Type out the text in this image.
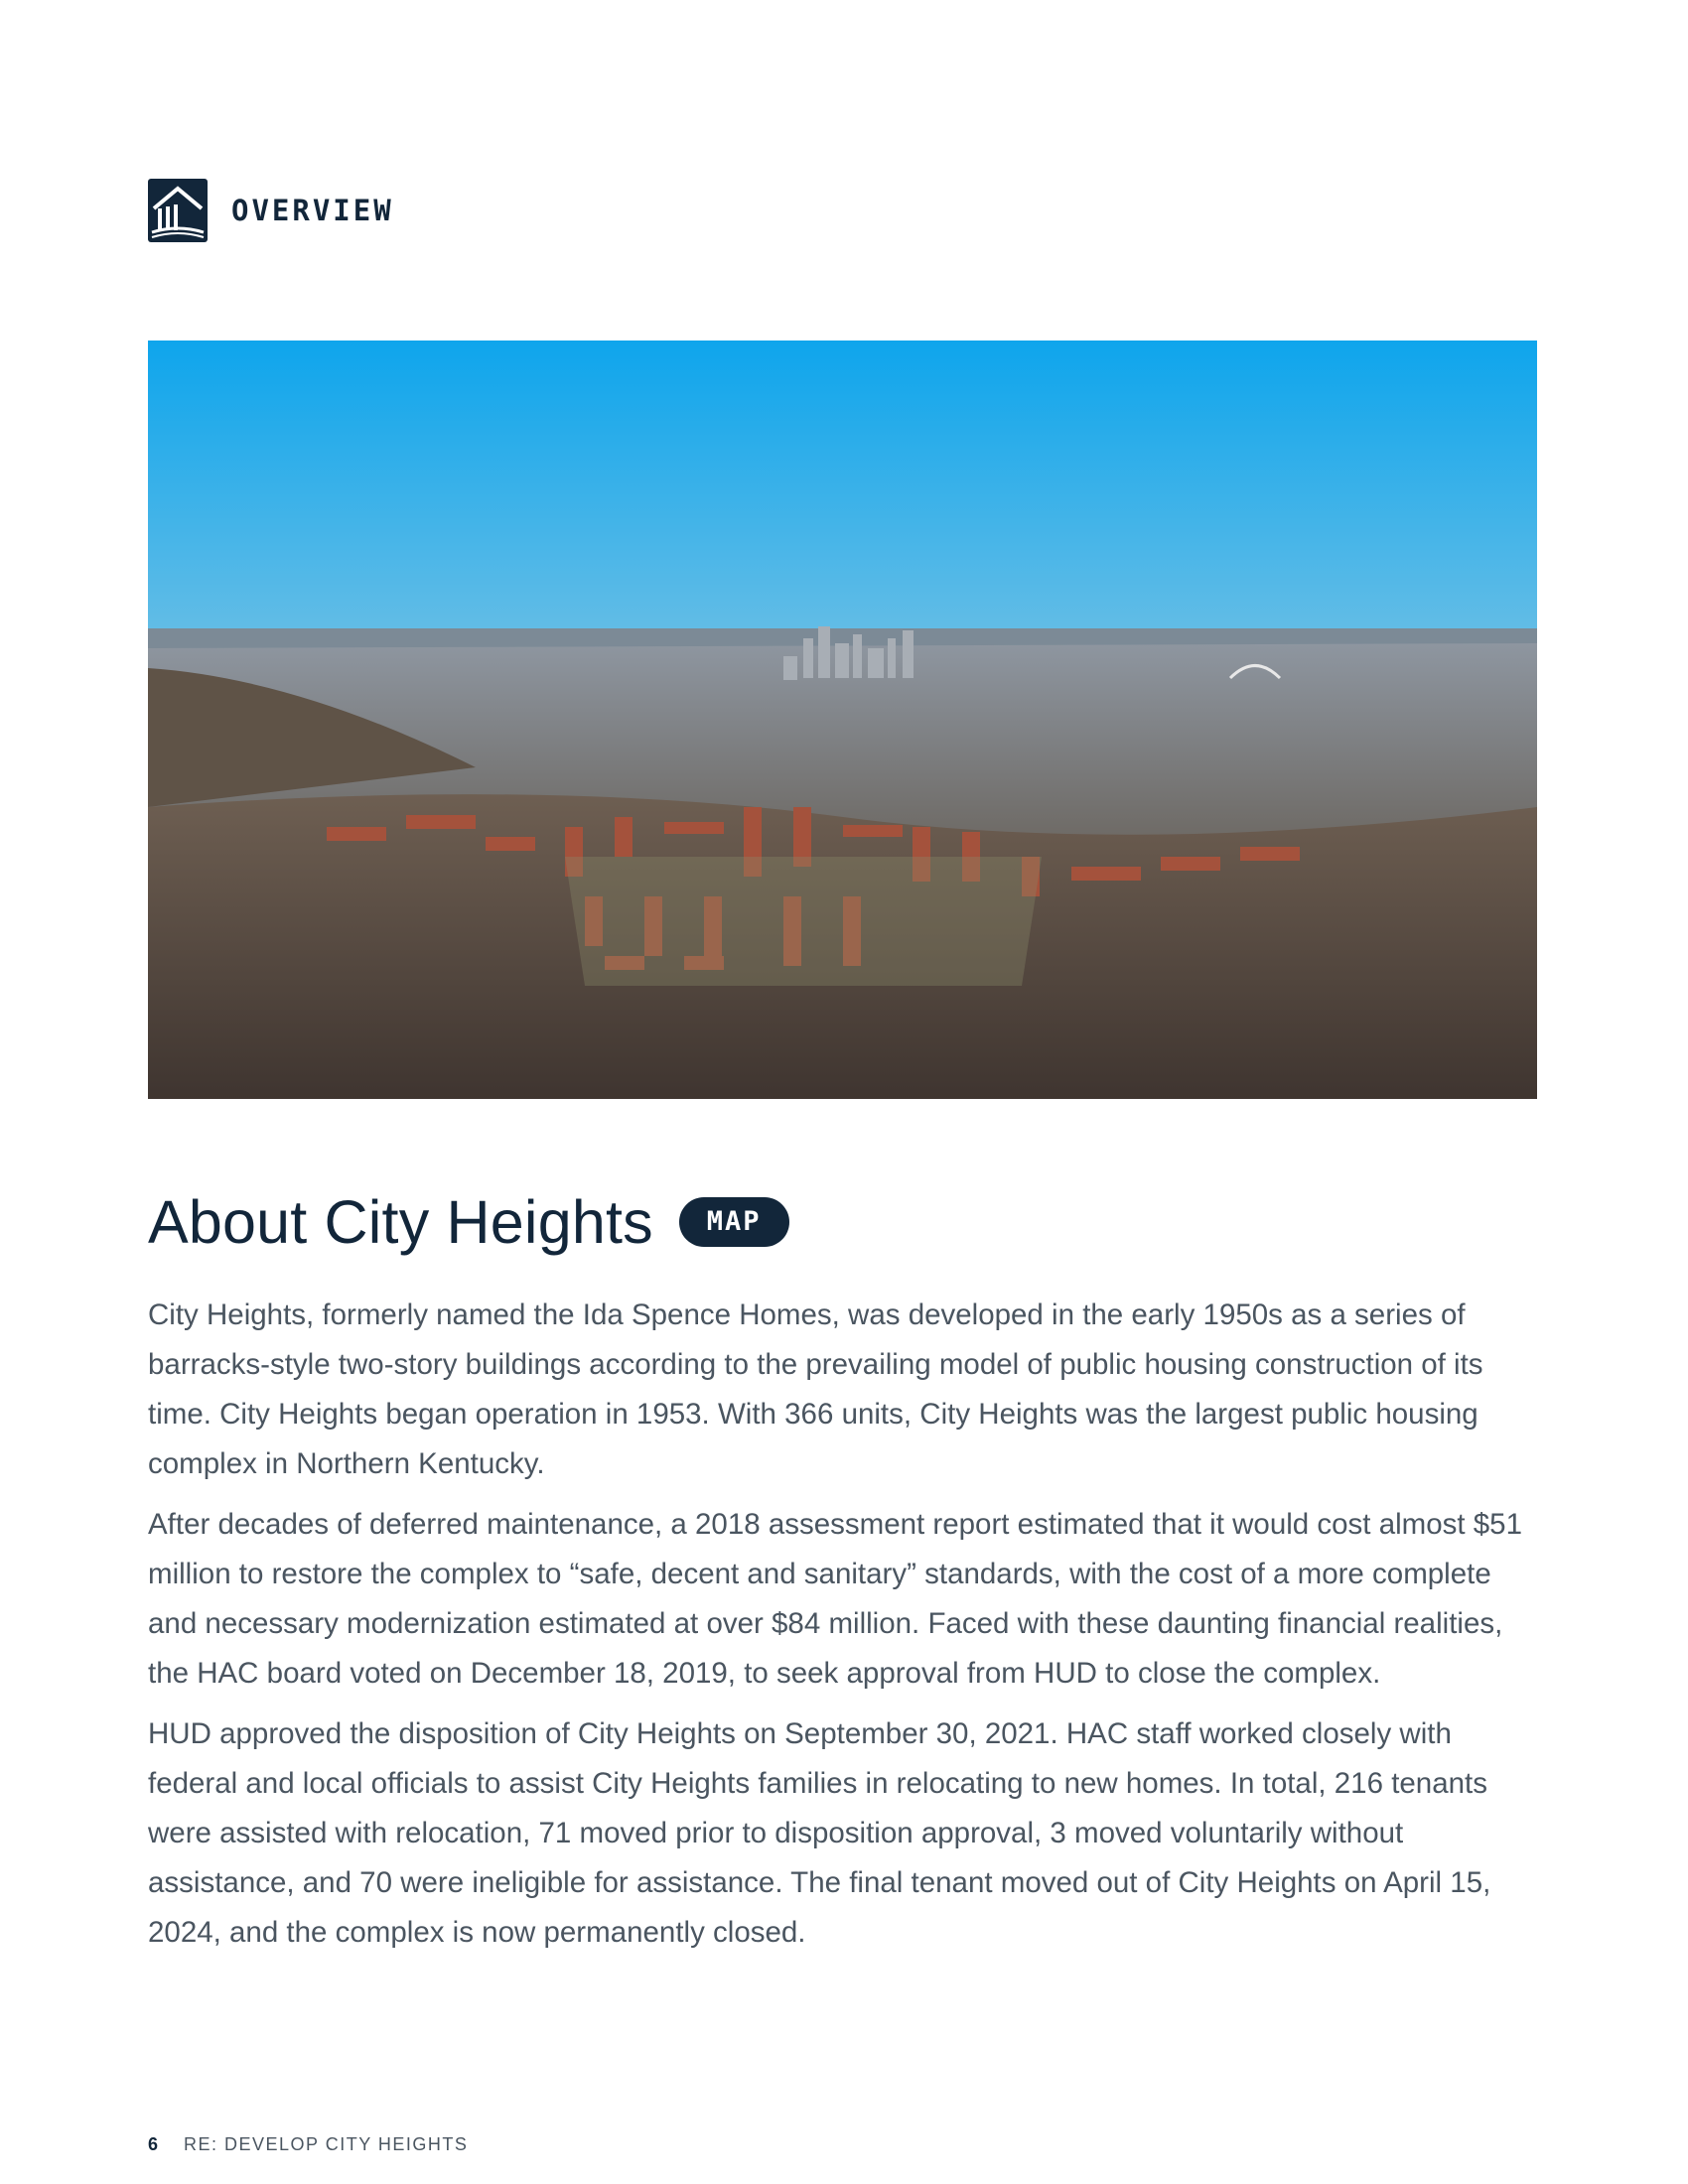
OVERVIEW
About City Heights	MAP

City Heights, formerly named the Ida Spence Homes, was developed in the early 1950s as a series of barracks-style two-story buildings according to the prevailing model of public housing construction of its time. City Heights began operation in 1953. With 366 units, City Heights was the largest public housing complex in Northern Kentucky.

After decades of deferred maintenance, a 2018 assessment report estimated that it would cost almost $51 million to restore the complex to “safe, decent and sanitary” standards, with the cost of a more complete and necessary modernization estimated at over $84 million. Faced with these daunting financial realities, the HAC board voted on December 18, 2019, to seek approval from HUD to close the complex.

HUD approved the disposition of City Heights on September 30, 2021. HAC staff worked closely with federal and local officials to assist City Heights families in relocating to new homes. In total, 216 tenants were assisted with relocation, 71 moved prior to disposition approval, 3 moved voluntarily without assistance, and 70 were ineligible for assistance. The final tenant moved out of City Heights on April 15, 2024, and the complex is now permanently closed.

6 RE: DEVELOP CITY HEIGHTS
